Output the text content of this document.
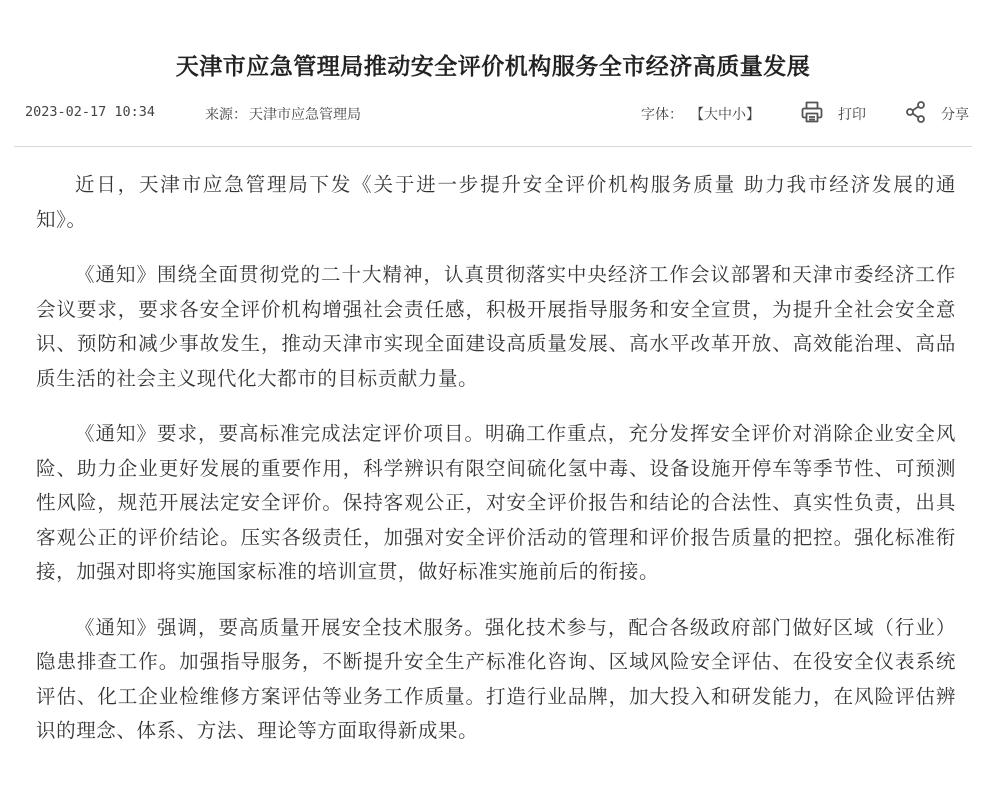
天津市应急管理局推动安全评价机构服务全市经济高质量发展
2023-02-17 10:34	来源： 天津市应急管理局	字体： 【大中小】	打印	分享

近日，天津市应急管理局下发《关于进一步提升安全评价机构服务质量 助力我市经济发展的通知》。

《通知》围绕全面贯彻党的二十大精神，认真贯彻落实中央经济工作会议部署和天津市委经济工作会议要求，要求各安全评价机构增强社会责任感，积极开展指导服务和安全宣贯，为提升全社会安全意识、预防和减少事故发生，推动天津市实现全面建设高质量发展、高水平改革开放、高效能治理、高品质生活的社会主义现代化大都市的目标贡献力量。

《通知》要求，要高标准完成法定评价项目。明确工作重点，充分发挥安全评价对消除企业安全风险、助力企业更好发展的重要作用，科学辨识有限空间硫化氢中毒、设备设施开停车等季节性、可预测性风险，规范开展法定安全评价。保持客观公正，对安全评价报告和结论的合法性、真实性负责，出具客观公正的评价结论。压实各级责任，加强对安全评价活动的管理和评价报告质量的把控。强化标准衔接，加强对即将实施国家标准的培训宣贯，做好标准实施前后的衔接。

《通知》强调，要高质量开展安全技术服务。强化技术参与，配合各级政府部门做好区域（行业）隐患排查工作。加强指导服务，不断提升安全生产标准化咨询、区域风险安全评估、在役安全仪表系统评估、化工企业检维修方案评估等业务工作质量。打造行业品牌，加大投入和研发能力，在风险评估辨识的理念、体系、方法、理论等方面取得新成果。
